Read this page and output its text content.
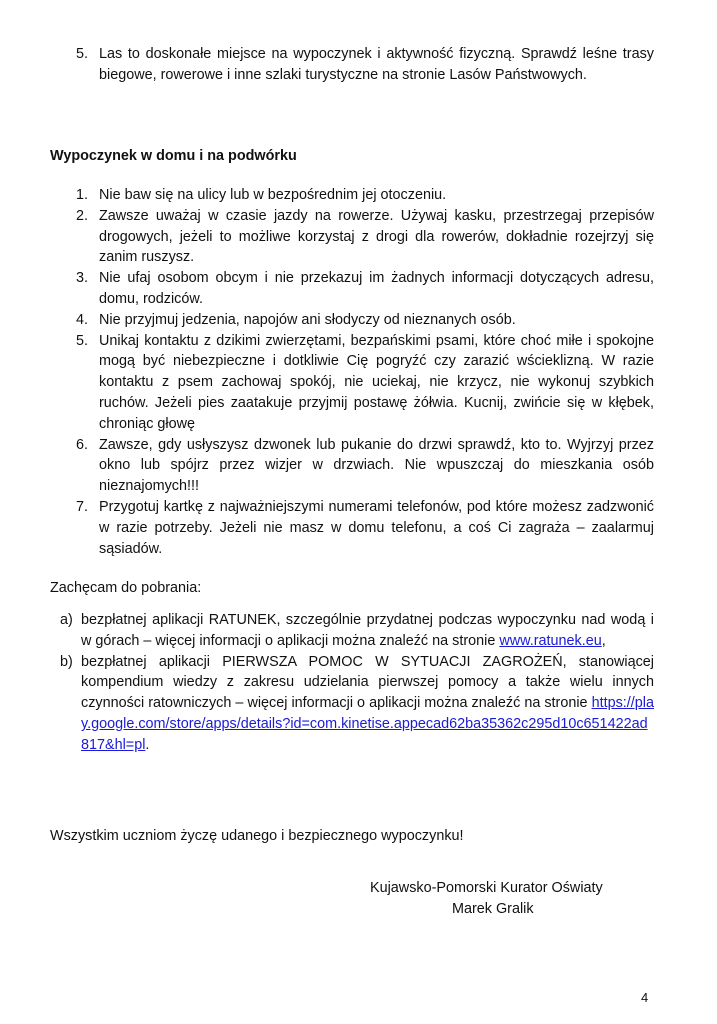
5. Las to doskonałe miejsce na wypoczynek i aktywność fizyczną. Sprawdź leśne trasy biegowe, rowerowe i inne szlaki turystyczne na stronie Lasów Państwowych.
Wypoczynek w domu i na podwórku
1. Nie baw się na ulicy lub w bezpośrednim jej otoczeniu.
2. Zawsze uważaj w czasie jazdy na rowerze. Używaj kasku, przestrzegaj przepisów drogowych, jeżeli to możliwe korzystaj z drogi dla rowerów, dokładnie rozejrzyj się zanim ruszysz.
3. Nie ufaj osobom obcym i nie przekazuj im żadnych informacji dotyczących adresu, domu, rodziców.
4. Nie przyjmuj jedzenia, napojów ani słodyczy od nieznanych osób.
5. Unikaj kontaktu z dzikimi zwierzętami, bezpańskimi psami, które choć miłe i spokojne mogą być niebezpieczne i dotkliwie Cię pogryźć czy zarazić wścieklizną. W razie kontaktu z psem zachowaj spokój, nie uciekaj, nie krzycz, nie wykonuj szybkich ruchów. Jeżeli pies zaatakuje przyjmij postawę żółwia. Kucnij, zwińcie się w kłębek, chroniąc głowę
6. Zawsze, gdy usłyszysz dzwonek lub pukanie do drzwi sprawdź, kto to. Wyjrzyj przez okno lub spójrz przez wizjer w drzwiach. Nie wpuszczaj do mieszkania osób nieznajomych!!!
7. Przygotuj kartkę z najważniejszymi numerami telefonów, pod które możesz zadzwonić w razie potrzeby. Jeżeli nie masz w domu telefonu, a coś Ci zagraża – zaalarmuj sąsiadów.
Zachęcam do pobrania:
a) bezpłatnej aplikacji RATUNEK, szczególnie przydatnej podczas wypoczynku nad wodą i w górach – więcej informacji o aplikacji można znaleźć na stronie www.ratunek.eu,
b) bezpłatnej aplikacji PIERWSZA POMOC W SYTUACJI ZAGROŻEŃ, stanowiącej kompendium wiedzy z zakresu udzielania pierwszej pomocy a także wielu innych czynności ratowniczych – więcej informacji o aplikacji można znaleźć na stronie https://play.google.com/store/apps/details?id=com.kinetise.appecad62ba35362c295d10c651422ad817&hl=pl.
Wszystkim uczniom życzę udanego i bezpiecznego wypoczynku!
Kujawsko-Pomorski Kurator Oświaty
Marek Gralik
4
